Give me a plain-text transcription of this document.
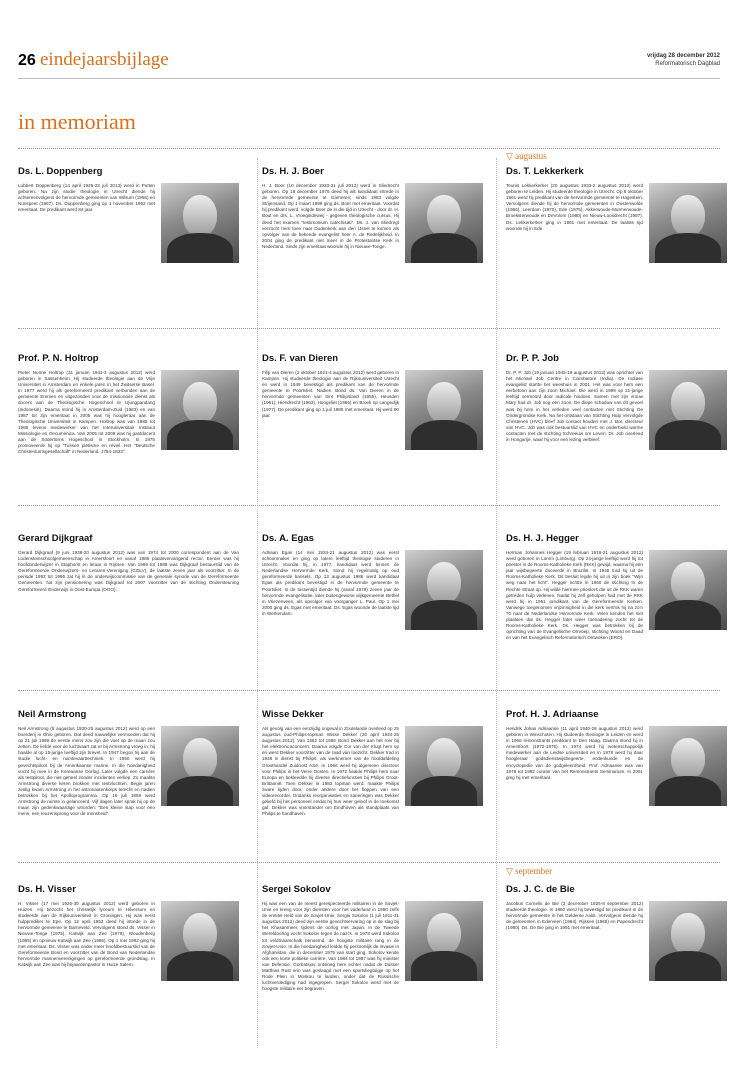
26 eindejaarsbijlage	vrijdag 28 december 2012
Reformatorisch Dagblad
in memoriam
▽ augustus
▽ september
Ds. L. Doppenberg

Lubbert Doppenberg (14 april 1929-23 juli 2013) werd in Putten geboren. Na zijn studie theologie in Utrecht diende hij achtereenvolgens de hervormde gemeenten van Wilsum (1956) en Nunspeet (1967). Ds. Doppenberg ging op 1 november 1992 met emeritaat. De predikant werd 84 jaar.

Ds. H. J. Boer

H. J. Boer (10 december 1933-31 juli 2012) werd in Sliedrecht geboren. Op 18 december 1976 deed hij als kandidaat intrede in de hervormde gemeente te Garneren; sinds 1983 volgde Strijensand. Op 1 maart 1999 ging ds. Boer met emeritaat. Voordat hij predikant werd, volgde Boer de in die tijd in Utrecht - door dr. H. Bout en drs. L. Vroegindeweij - gegeven theologische cursus. Hij deed het examen "testimonium catechisati". Ds. J. van Sliedregt verzocht hem toen naar Dudenkerk aan den IJssel te komen als opvolger van de bekende evangelist heer A. de Redelijkheid. In 2004 ging de predikant niet meer in de Protestantse Kerk in Nederland. Sinds zijn emeritaat woonde hij in Nieuwe-Tonge.

Ds. T. Lekkerkerk

Teunis Lekkerkerker (20 augustus 1933-2 augustus 2012) werd geboren te Leiden. Hij studeerde theologie in Utrecht. Op 8 oktober 1961 werd hij predikant van de hervormde gemeente te Hagestein. Vervolgens diende hij de hervormde gemeenten in Oostenwolde (1966), Leerdam (1970), Ede (1975), Akkerwoude-Murmerwoude-Broeksterwoude en DeVolom (1980) en Nieuw-Loosdrecht (1987). Ds. Lekkerkerker ging in 1991 met emeritaat. De laatste tijd woonde hij in Ede.

Prof. P. N. Holtrop

Pieter Nonne Holtrop (31 januari 1943-3 augustus 2012) werd geboren in Sassenheim. Hij studeerde theologie aan de Vrije Universiteit in Amsterdam en enkele jaren in het Zwitserse Basel. In 1977 werd hij als gereformeerd predikant verbonden aan de gemeente Emmen en uitgezonden voor de missionaire dienst als docent aan de Theologische Hogeschool te Ujungpandang (Indonesië). Daarna stond hij in Amsterdam-Zuid (1983) en van 1987 tot zijn emeritaat in 2005 was hij hoogleraar aan de Theologische Universiteit in Kampen. Holtrop was van 1985 tot 1988 tevens medewerker van het Interuniversitair Instituut Missiologie en Oecumenica. Van 2005 tot 2009 was hij gastdocent aan de Södertörns Hogeschool in Stockholm. In 1975 promoveerde hij op "Tussen piëtisme en réveil. Het "Deutsche Christentumsgesellschaft" in Nederland, 1784-1833".

Ds. F. van Dieren

Filip van Dieren (2 oktober 1921-4 augustus 2012) werd geboren in Kampen. Hij studeerde theologie aan de Rijksuniversiteit Utrecht en werd in 1949 bevestigd als predikant van de hervormde gemeente te Poortvliet. Nadien stond ds. Van Dieren in de hervormde gemeenten van Sint Philipsland (1955), Heusden (1961), Hiendrecht (1963), Hoogvliet (1966) en Broek op Langedijk (1977). De predikant ging op 1 juli 1985 met emeritaat. Hij werd 90 jaar.

Dr. P. P. Job

Dr. P. P. Job (19 januari 1945-19 augustus 2012) was oprichter van het Michael Job Centre in Coimbatore (India). De Indiase evangelist startte het weeshuis in 2001. Het was voor hem een eerbetoon aan zijn zoon Michael. Die werd in 1999 op 21-jarige leeftijd vermoord door radicale hindoes. Samen met zijn vrouw Mary had dr. Job nog een zoon. De diepe schaduw van dit gevoel was bij hem in het verleden veel contacten met Stichting De Ondergrondse Kerk. Na het ontstaan van Stichting Hulp Vervolgde Christenen (HVC) bleef Job contact houden met J. Bor, directeur van HVC. Job was ook bestuurslid van HVC en onderhield warme contacten met de stichting Schreeuw om Leven. Dr. Job overleed in Hongarije, waar hij voor een lezing verbleef.

Gerard Dijkgraaf

Gerard Dijkgraaf (9 juni 1938-20 augustus 2012) was van 1974 tot 2000 correspondent aan de Van Lodensteinschoolgemeenschap in Amersfoort en vanaf 1986 plaatsvervangend rector. Eerder was hij hoofdonderwijzer in Staphorst en leraar in Rijssen. Van 1969 tot 1988 was Dijkgraaf bestuurslid van de Gereformeerde Onderwijzers- en Leraren-Vereniging (GOLV), de laatste zeven jaar als voorzitter. In de periode 1992 tot 1996 zat hij in de onderwijscommissie van de generale synode van de Gereformeerde Gemeenten. Na zijn pensionering was Dijkgraaf tot 2007 voorzitter van de stichting Ondersteuning Gereformeerd Onderwijs in Oost-Europa (OGO).

Ds. A. Egas

Adriaan Egas (14 mei 1934-21 augustus 2012) was eerst schoonmaker en ging op latere leeftijd theologie studeren in Utrecht. Voordat hij, in 1977, kandidaat werd binnen de Nederlandse Hervormde Kerk, stond hij regelmatig op oud gereformeerde kansels. Op 13 augustus 1986 werd kandidaat Egas als predikant bevestigd in de hervormde gemeente te Poortvliet. In de tussentijd diende hij (vanaf 1979) zeven jaar de hervormde evangelisatie, later buitengewone wijkgemeente Bethel in Vriezenveen, als opvolger van voorganger L. Paul. Op 1 mei 2000 ging ds. Egas met emeritaat. Ds. Egas woonde de laatste tijd in Werkendam.

Ds. H. J. Hegger

Herman Johannes Hegger (19 februari 1916-21 augustus 2012) werd geboren in Lomm (Limburg). Op 24-jarige leeftijd werd hij tot priester in de Rooms-Katholieke Kerk (RKK) gewijd, waarna hij een jaar wijsbegeerte doceerde in Brazilië. In 1948 trad hij uit de Rooms-Katholieke Kerk. Dit besluit legde hij uit in zijn boek "Wijn weg naar het licht". Hegger richtte in 1960 de stichting In de Rechte Straat op. Hij wilde hiermee priesters die uit de RKK waren getreden hulp verlenen. Nadat hij zelf geholpen had met de RKK werd hij in 1951 predikant van de Gereformeerde Kerken. Vanwege toegenomen vrijzinnigheid in die kerk vertrok hij na zo'n 70 naar de Nederlandse Hervormde Kerk. Velen kenden het niet plaatsen dat ds. Hegger later weer toenadering zocht tot de Rooms-Katholieke Kerk. Ds. Hegger was betrokken bij de oprichting van de Evangelische Omroep, stichting Woord en Daad en van het Evangelisch Reformatorisch Ontwoken (ERO).

Neil Armstrong

Neil Armstrong (5 augustus 1930-25 augustus 2012) werd op een boerderij in Ohio geboren. Dat deed nauwelijks vermoeden dat hij op 21 juli 1969 de eerste mens zou zijn die voet op de maan zou zetten. De liefde voor de luchtvaart zat er bij Armstrong vroeg in; hij haalde al op 15-jarige leeftijd zijn brevet. In 1947 begon hij aan de studie lucht- en ruimtevaarttechniek. In 1950 werd hij gevechtspiloot bij de Amerikaanse marine. In die hoedanigheid vocht hij mee in de Koreaanse Oorlog. Later volgde een carrière als testpiloot, die niet geheel zonder incidenten verliep. Zo maakte Armstrong diverse keren brokken met testvluchten. Begin jaren zestig kwam Armstrong in het astronautenkorps terecht en nadien betrokken bij het Apolloprogramma. Op 16 juli 1969 werd Armstrong de ruimte in gelanceerd. Vijf dagen later sprak hij op de maan zijn gedenkwaardige woorden: "Een kleine stap voor een mens, een reuzensprong voor de mensheid".

Wisse Dekker

Als gevolg van een eenzijdig ongeval in Zoutelande overleed op 25 augustus oud-Philips-topman Wisse Dekker (26 april 1924-25 augustus 2012). Van 1982 tot 1986 stond Dekker aan het roer bij het elektronicaconcern. Daarna volgde Cor van der Klugt hem op en werd Dekker voorzitter van de raad van toezicht. Dekker trad in 1948 in dienst bij Philips, als werknemer van de hoofdafdeling Groothandel Zuidoost Azië. In 1966 werd hij algemeen directeur voor Philips in het Verre Oosten. In 1972 haalde Philips hem naar Europa en bekleedde hij diverse directiefuncties bij Philips Groot-Brittannië. Toen Dekker in 1982 topman werd, maakte Philips zware tijden door, onder andere door het floppen van een videorecorder. Ondanks reorganisaties en saneringen was Dekker geliefd bij het personeel omdat hij hun weer geloof in de toekomst gaf. Dekker was voorstander om Eindhoven als standplaats van Philips te handhaven.

Prof. H. J. Adriaanse

Hendrik Johan Adriaanse (11 april 1940-28 augustus 2012) werd geboren in Winschoten. Hij studeerde theologie in Leiden en werd in 1966 remonstrants predikant te Den Haag. Daarna stond hij in Amersfoort (1972-1976). In 1974 werd hij wetenschappelijk medewerker aan de Leidse universiteit en in 1978 werd hij daar hoogleraar godsdienstwijsbegeerte, ecdenkunde en de encyclopedie van de godgeleerdheid. Prof. Adriaanse was van 1978 tot 1992 curator van het Remonstrants Seminarium. In 2001 ging hij met emeritaat.

Ds. H. Visser

H. Visser (17 mei 1926-30 augustus 2012) werd geboren in Huizen. Hij bezocht het christelijk lyceum te Hilversum en studeerde aan de Rijksuniversiteit in Groningen. Hij was eerst hulpprediker te Epe. Op 12 april 1953 deed hij intrede in de hervormde gemeente te Barneveld. Vervolgens stond ds. Visser in Nieuwe-Tonge (1975), Katwijk aan Zee (1979), Woudenberg (1985) en opnieuw Katwijk aan Zee (1986). Op 1 mei 1992 ging hij met emeritaat. Ds. Visser was onder meer hoofdbestuurslid van de Gereformeerde Bond en voorzitter van de Bond van Nederlandse hervormde mannenverenigingen op gereformeerde grondslag. In Katwijk aan Zee was hij bejaardenpastor in Huize Salem.

Sergei Sokolov

Hij was een van de meest gerespecteerde militairen in de Sovjet-Unie en kreeg voor zijn diensten voor het vaderland in 1980 zelfs de eretitel Held van de Sovjet-Unie. Sergei Sokolov (1 juli 1911-31 augustus 2012) deed zijn eerste gevechtservaring op in de slag bij het Khasanmeer, tijdens de oorlog met Japan. In de Tweede Wereldoorlog vocht Sokolov tegen de nazi's. In 1978 werd Sokolov tot veldmaarschalk benoemd, de hoogste militaire rang in de Sovjet-Unie. In die hoedanigheid leidde hij persoonlijk de invasie in Afghanistan, die in december 1979 van start ging. Sokolov kende ook een korte politieke carrière. Van 1984 tot 1987 was hij minister van Defensie. Gorbatsjov ontsloeg hem echter nadat de Duitser Matthias Rust erin was geslaagd met een sportvliegtuigje op het Rode Plein in Moskou te landen, onder dat de Russische luchtverdediging had ingegrepen. Sergei Sokolov werd met de hoogste militaire eer begraven.

Ds. J. C. de Bie

Jacobus Cornelis de Bie (3 december 1925-8 september 2012) studeerde theologie. In 1960 werd hij bevestigd tot predikant in de hervormde gemeente in het Gelderse Aalst. Vervolgens diende hij de gemeenten in Ederveen (1964), Rijssen (1968) en Papendrecht (1980). Ds. De Bie ging in 1991 met emeritaat.
